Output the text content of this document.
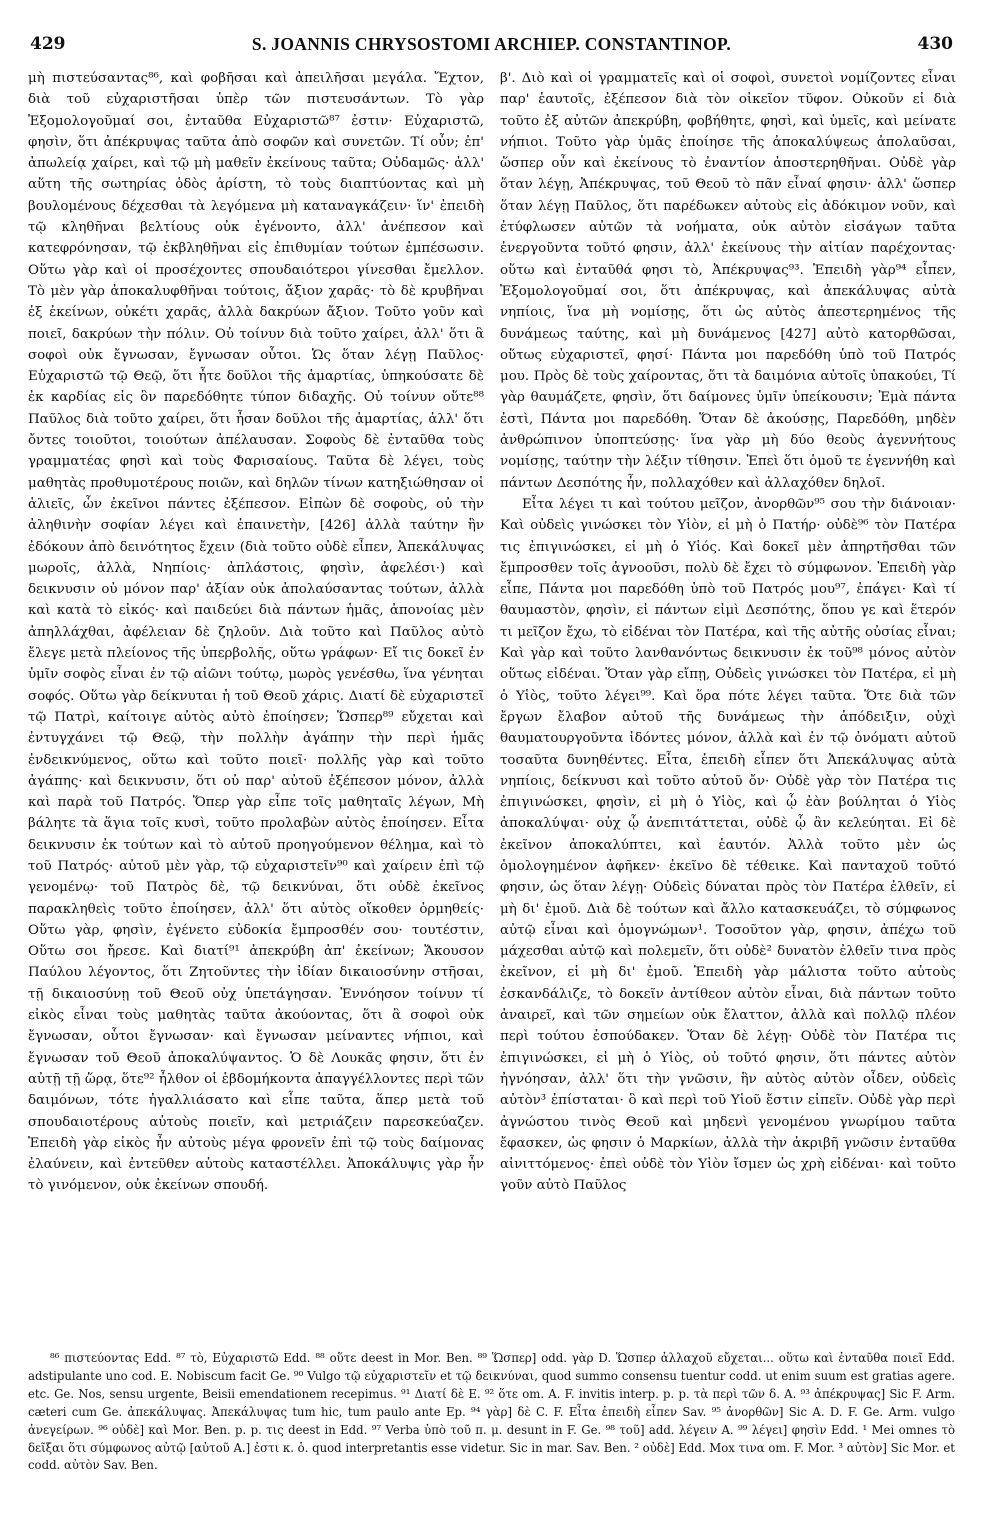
429	S. JOANNIS CHRYSOSTOMI ARCHIEP. CONSTANTINOP.	430

μὴ πιστεύσαντας⁸⁶, καὶ φοβῆσαι καὶ ἀπειλῆσαι μεγάλα. Ἔχτον, διὰ τοῦ εὐχαριστῆσαι ὑπὲρ τῶν πιστευσάντων. Τὸ γὰρ Ἐξομολογοῦμαί σοι, ἐνταῦθα Εὐχαριστῶ⁸⁷ ἐστιν· Εὐχαριστῶ, φησὶν, ὅτι ἀπέκρυψας ταῦτα ἀπὸ σοφῶν καὶ συνετῶν. Τί οὖν; ἐπ' ἀπωλείᾳ χαίρει, καὶ τῷ μὴ μαθεῖν ἐκείνους ταῦτα; Οὐδαμῶς· ἀλλ' αὕτη τῆς σωτηρίας ὁδὸς ἀρίστη, τὸ τοὺς διαπτύοντας καὶ μὴ βουλομένους δέχεσθαι τὰ λεγόμενα μὴ καταναγκάζειν· ἵν' ἐπειδὴ τῷ κληθῆναι βελτίους οὐκ ἐγένοντο, ἀλλ' ἀνέπεσον καὶ κατεφρόνησαν, τῷ ἐκβληθῆναι εἰς ἐπιθυμίαν τούτων ἐμπέσωσιν. Οὕτω γὰρ καὶ οἱ προσέχοντες σπουδαιότεροι γίνεσθαι ἔμελλον. Τὸ μὲν γὰρ ἀποκαλυφθῆναι τούτοις, ἄξιον χαρᾶς· τὸ δὲ κρυβῆναι ἐξ ἐκείνων, οὐκέτι χαρᾶς, ἀλλὰ δακρύων ἄξιον. Τοῦτο γοῦν καὶ ποιεῖ, δακρύων τὴν πόλιν. Οὐ τοίνυν διὰ τοῦτο χαίρει, ἀλλ' ὅτι ἃ σοφοὶ οὐκ ἔγνωσαν, ἔγνωσαν οὗτοι. Ὡς ὅταν λέγῃ Παῦλος· Εὐχαριστῶ τῷ Θεῷ, ὅτι ἦτε δοῦλοι τῆς ἁμαρτίας, ὑπηκούσατε δὲ ἐκ καρδίας εἰς ὃν παρεδόθητε τύπον διδαχῆς. Οὐ τοίνυν οὕτε⁸⁸ Παῦλος διὰ τοῦτο χαίρει, ὅτι ἦσαν δοῦλοι τῆς ἁμαρτίας, ἀλλ' ὅτι ὄντες τοιοῦτοι, τοιούτων ἀπέλαυσαν. Σοφοὺς δὲ ἐνταῦθα τοὺς γραμματέας φησὶ καὶ τοὺς Φαρισαίους. Ταῦτα δὲ λέγει, τοὺς μαθητὰς προθυμοτέρους ποιῶν, καὶ δηλῶν τίνων κατηξιώθησαν οἱ ἁλιεῖς, ὧν ἐκεῖνοι πάντες ἐξέπεσον. Εἰπὼν δὲ σοφοὺς, οὐ τὴν ἀληθινὴν σοφίαν λέγει καὶ ἐπαινετὴν, [426] ἀλλὰ ταύτην ἣν ἐδόκουν ἀπὸ δεινότητος ἔχειν (διὰ τοῦτο οὐδὲ εἶπεν, Ἀπεκάλυψας μωροῖς, ἀλλὰ, Νηπίοις· ἀπλάστοις, φησὶν, ἀφελέσι·) καὶ δεικνυσιν οὐ μόνον παρ' ἀξίαν οὐκ ἀπολαύσαντας τούτων, ἀλλὰ καὶ κατὰ τὸ εἰκός· καὶ παιδεύει διὰ πάντων ἡμᾶς, ἀπονοίας μὲν ἀπηλλάχθαι, ἀφέλειαν δὲ ζηλοῦν. Διὰ τοῦτο καὶ Παῦλος αὐτὸ ἔλεγε μετὰ πλείονος τῆς ὑπερβολῆς, οὕτω γράφων· Εἴ τις δοκεῖ ἐν ὑμῖν σοφὸς εἶναι ἐν τῷ αἰῶνι τούτῳ, μωρὸς γενέσθω, ἵνα γένηται σοφός. Οὕτω γὰρ δείκνυται ἡ τοῦ Θεοῦ χάρις. Διατί δὲ εὐχαριστεῖ τῷ Πατρὶ, καίτοιγε αὐτὸς αὐτὸ ἐποίησεν; Ὥσπερ⁸⁹ εὔχεται καὶ ἐντυγχάνει τῷ Θεῷ, τὴν πολλὴν ἀγάπην τὴν περὶ ἡμᾶς ἐνδεικνύμενος, οὕτω καὶ τοῦτο ποιεῖ· πολλῆς γὰρ καὶ τοῦτο ἀγάπης· καὶ δεικνυσιν, ὅτι οὐ παρ' αὐτοῦ ἐξέπεσον μόνον, ἀλλὰ καὶ παρὰ τοῦ Πατρός. Ὅπερ γὰρ εἶπε τοῖς μαθηταῖς λέγων, Μὴ βάλητε τὰ ἅγια τοῖς κυσὶ, τοῦτο προλαβὼν αὐτὸς ἐποίησεν. Εἶτα δεικνυσιν ἐκ τούτων καὶ τὸ αὐτοῦ προηγούμενον θέλημα, καὶ τὸ τοῦ Πατρός· αὐτοῦ μὲν γὰρ, τῷ εὐχαριστεῖν⁹⁰ καὶ χαίρειν ἐπὶ τῷ γενομένῳ· τοῦ Πατρὸς δὲ, τῷ δεικνύναι, ὅτι οὐδὲ ἐκεῖνος παρακληθεὶς τοῦτο ἐποίησεν, ἀλλ' ὅτι αὐτὸς οἴκοθεν ὁρμηθείς· Οὕτω γὰρ, φησὶν, ἐγένετο εὐδοκία ἔμπροσθέν σου· τουτέστιν, Οὕτω σοι ἤρεσε. Καὶ διατί⁹¹ ἀπεκρύβη ἀπ' ἐκείνων; Ἄκουσον Παύλου λέγοντος, ὅτι Ζητοῦντες τὴν ἰδίαν δικαιοσύνην στῆσαι, τῇ δικαιοσύνῃ τοῦ Θεοῦ οὐχ ὑπετάγησαν. Ἐννόησον τοίνυν τί εἰκὸς εἶναι τοὺς μαθητὰς ταῦτα ἀκούοντας, ὅτι ἃ σοφοὶ οὐκ ἔγνωσαν, οὗτοι ἔγνωσαν· καὶ ἔγνωσαν μείναντες νήπιοι, καὶ ἔγνωσαν τοῦ Θεοῦ ἀποκαλύψαντος. Ὁ δὲ Λουκᾶς φησιν, ὅτι ἐν αὐτῇ τῇ ὥρᾳ, ὅτε⁹² ἦλθον οἱ ἑβδομήκοντα ἀπαγγέλλοντες περὶ τῶν δαιμόνων, τότε ἠγαλλιάσατο καὶ εἶπε ταῦτα, ἅπερ μετὰ τοῦ σπουδαιοτέρους αὐτοὺς ποιεῖν, καὶ μετριάζειν παρεσκεύαζεν. Ἐπειδὴ γὰρ εἰκὸς ἦν αὐτοὺς μέγα φρονεῖν ἐπὶ τῷ τοὺς δαίμονας ἐλαύνειν, καὶ ἐντεῦθεν αὐτοὺς καταστέλλει. Ἀποκάλυψις γὰρ ἦν τὸ γινόμενον, οὐκ ἐκείνων σπουδή.

β'. Διὸ καὶ οἱ γραμματεῖς καὶ οἱ σοφοὶ, συνετοὶ νομίζοντες εἶναι παρ' ἑαυτοῖς, ἐξέπεσον διὰ τὸν οἰκεῖον τῦφον. Οὐκοῦν εἰ διὰ τοῦτο ἐξ αὐτῶν ἀπεκρύβη, φοβήθητε, φησὶ, καὶ ὑμεῖς, καὶ μείνατε νήπιοι. Τοῦτο γὰρ ὑμᾶς ἐποίησε τῆς ἀποκαλύψεως ἀπολαῦσαι, ὥσπερ οὖν καὶ ἐκείνους τὸ ἐναντίον ἀποστερηθῆναι. Οὐδὲ γὰρ ὅταν λέγῃ, Ἀπέκρυψας, τοῦ Θεοῦ τὸ πᾶν εἶναί φησιν· ἀλλ' ὥσπερ ὅταν λέγῃ Παῦλος, ὅτι παρέδωκεν αὐτοὺς εἰς ἀδόκιμον νοῦν, καὶ ἐτύφλωσεν αὐτῶν τὰ νοήματα, οὐκ αὐτὸν εἰσάγων ταῦτα ἐνεργοῦντα τοῦτό φησιν, ἀλλ' ἐκείνους τὴν αἰτίαν παρέχοντας· οὕτω καὶ ἐνταῦθά φησι τὸ, Ἀπέκρυψας⁹³. Ἐπειδὴ γὰρ⁹⁴ εἶπεν, Ἐξομολογοῦμαί σοι, ὅτι ἀπέκρυψας, καὶ ἀπεκάλυψας αὐτὰ νηπίοις, ἵνα μὴ νομίσῃς, ὅτι ὡς αὐτὸς ἀπεστερημένος τῆς δυνάμεως ταύτης, καὶ μὴ δυνάμενος [427] αὐτὸ κατορθῶσαι, οὕτως εὐχαριστεῖ, φησί· Πάντα μοι παρεδόθη ὑπὸ τοῦ Πατρός μου. Πρὸς δὲ τοὺς χαίροντας, ὅτι τὰ δαιμόνια αὐτοῖς ὑπακούει, Τί γὰρ θαυμάζετε, φησὶν, ὅτι δαίμονες ὑμῖν ὑπείκουσιν; Ἐμὰ πάντα ἐστὶ, Πάντα μοι παρεδόθη. Ὅταν δὲ ἀκούσῃς, Παρεδόθη, μηδὲν ἀνθρώπινον ὑποπτεύσῃς· ἵνα γὰρ μὴ δύο θεοὺς ἀγεννήτους νομίσῃς, ταύτην τὴν λέξιν τίθησιν. Ἐπεὶ ὅτι ὁμοῦ τε ἐγεννήθη καὶ πάντων Δεσπότης ἦν, πολλαχόθεν καὶ ἀλλαχόθεν δηλοῖ.

Εἶτα λέγει τι καὶ τούτου μεῖζον, ἀνορθῶν⁹⁵ σου τὴν διάνοιαν· Καὶ οὐδεὶς γινώσκει τὸν Υἱὸν, εἰ μὴ ὁ Πατήρ· οὐδὲ⁹⁶ τὸν Πατέρα τις ἐπιγινώσκει, εἰ μὴ ὁ Υἱός. Καὶ δοκεῖ μὲν ἀπηρτῆσθαι τῶν ἔμπροσθεν τοῖς ἀγνοοῦσι, πολὺ δὲ ἔχει τὸ σύμφωνον. Ἐπειδὴ γὰρ εἶπε, Πάντα μοι παρεδόθη ὑπὸ τοῦ Πατρός μου⁹⁷, ἐπάγει· Καὶ τί θαυμαστὸν, φησὶν, εἰ πάντων εἰμὶ Δεσπότης, ὅπου γε καὶ ἕτερόν τι μεῖζον ἔχω, τὸ εἰδέναι τὸν Πατέρα, καὶ τῆς αὐτῆς οὐσίας εἶναι; Καὶ γὰρ καὶ τοῦτο λανθανόντως δεικνυσιν ἐκ τοῦ⁹⁸ μόνος αὐτὸν οὕτως εἰδέναι. Ὅταν γὰρ εἴπῃ, Οὐδεὶς γινώσκει τὸν Πατέρα, εἰ μὴ ὁ Υἱὸς, τοῦτο λέγει⁹⁹. Καὶ ὅρα πότε λέγει ταῦτα. Ὅτε διὰ τῶν ἔργων ἔλαβον αὐτοῦ τῆς δυνάμεως τὴν ἀπόδειξιν, οὐχὶ θαυματουργοῦντα ἰδόντες μόνον, ἀλλὰ καὶ ἐν τῷ ὀνόματι αὐτοῦ τοσαῦτα δυνηθέντες. Εἶτα, ἐπειδὴ εἶπεν ὅτι Ἀπεκάλυψας αὐτὰ νηπίοις, δείκνυσι καὶ τοῦτο αὐτοῦ ὄν· Οὐδὲ γὰρ τὸν Πατέρα τις ἐπιγινώσκει, φησὶν, εἰ μὴ ὁ Υἱὸς, καὶ ᾧ ἐὰν βούληται ὁ Υἱὸς ἀποκαλύψαι· οὐχ ᾧ ἀνεπιτάττεται, οὐδὲ ᾧ ἂν κελεύηται. Εἰ δὲ ἐκεῖνον ἀποκαλύπτει, καὶ ἑαυτόν. Ἀλλὰ τοῦτο μὲν ὡς ὁμολογημένον ἀφῆκεν· ἐκεῖνο δὲ τέθεικε. Καὶ πανταχοῦ τοῦτό φησιν, ὡς ὅταν λέγῃ· Οὐδεὶς δύναται πρὸς τὸν Πατέρα ἐλθεῖν, εἰ μὴ δι' ἐμοῦ. Διὰ δὲ τούτων καὶ ἄλλο κατασκευάζει, τὸ σύμφωνος αὐτῷ εἶναι καὶ ὁμογνώμων¹. Τοσοῦτον γὰρ, φησιν, ἀπέχω τοῦ μάχεσθαι αὐτῷ καὶ πολεμεῖν, ὅτι οὐδὲ² δυνατὸν ἐλθεῖν τινα πρὸς ἐκεῖνον, εἰ μὴ δι' ἐμοῦ. Ἐπειδὴ γὰρ μάλιστα τοῦτο αὐτοὺς ἐσκανδάλιζε, τὸ δοκεῖν ἀντίθεον αὐτὸν εἶναι, διὰ πάντων τοῦτο ἀναιρεῖ, καὶ τῶν σημείων οὐκ ἔλαττον, ἀλλὰ καὶ πολλῷ πλέον περὶ τούτου ἐσπούδακεν. Ὅταν δὲ λέγῃ· Οὐδὲ τὸν Πατέρα τις ἐπιγινώσκει, εἰ μὴ ὁ Υἱὸς, οὐ τοῦτό φησιν, ὅτι πάντες αὐτὸν ἠγνόησαν, ἀλλ' ὅτι τὴν γνῶσιν, ἣν αὐτὸς αὐτὸν οἶδεν, οὐδεὶς αὐτὸν³ ἐπίσταται· ὃ καὶ περὶ τοῦ Υἱοῦ ἔστιν εἰπεῖν. Οὐδὲ γὰρ περὶ ἀγνώστου τινὸς Θεοῦ καὶ μηδενὶ γενομένου γνωρίμου ταῦτα ἔφασκεν, ὡς φησιν ὁ Μαρκίων, ἀλλὰ τὴν ἀκριβῆ γνῶσιν ἐνταῦθα αἰνιττόμενος· ἐπεὶ οὐδὲ τὸν Υἱὸν ἴσμεν ὡς χρὴ εἰδέναι· καὶ τοῦτο γοῦν αὐτὸ Παῦλος

⁸⁶ πιστεύοντας Edd. ⁸⁷ τὸ, Εὐχαριστῶ Edd. ⁸⁸ οὕτε deest in Mor. Ben. ⁸⁹ Ὥσπερ] odd. γὰρ D. Ὥσπερ ἀλλαχοῦ εὔχεται... οὕτω καὶ ἐνταῦθα ποιεῖ Edd. adstipulante uno cod. E. Nobiscum facit Ge. ⁹⁰ Vulgo τῷ εὐχαριστεῖν et τῷ δεικνύναι, quod summo consensu tuentur codd. ut enim suum est gratias agere. etc. Ge. Nos, sensu urgente, Beisii emendationem recepimus. ⁹¹ Διατί δὲ E. ⁹² ὅτε om. A. F. invitis interp. p. p. τὰ περὶ τῶν δ. A. ⁹³ ἀπέκρυψας] Sic F. Arm. cæteri cum Ge. ἀπεκάλυψας. Ἀπεκάλυψας tum hic, tum paulo ante Ep. ⁹⁴ γὰρ] δὲ C. F. Εἶτα ἐπειδὴ εἶπεν Sav. ⁹⁵ ἀνορθῶν] Sic A. D. F. Ge. Arm. vulgo ἀνεγείρων. ⁹⁶ οὐδὲ] καὶ Mor. Ben. p. p. τις deest in Edd. ⁹⁷ Verba ὑπὸ τοῦ π. μ. desunt in F. Ge. ⁹⁸ τοῦ] add. λέγειν A. ⁹⁹ λέγει] φησὶν Edd. ¹ Mei omnes τὸ δεῖξαι ὅτι σύμφωνος αὐτῷ [αὐτοῦ A.] ἐστι κ. ὁ. quod interpretantis esse videtur. Sic in mar. Sav. Ben. ² οὐδὲ] Edd. Mox τινα om. F. Mor. ³ αὐτὸν] Sic Mor. et codd. αὐτὸν Sav. Ben.
